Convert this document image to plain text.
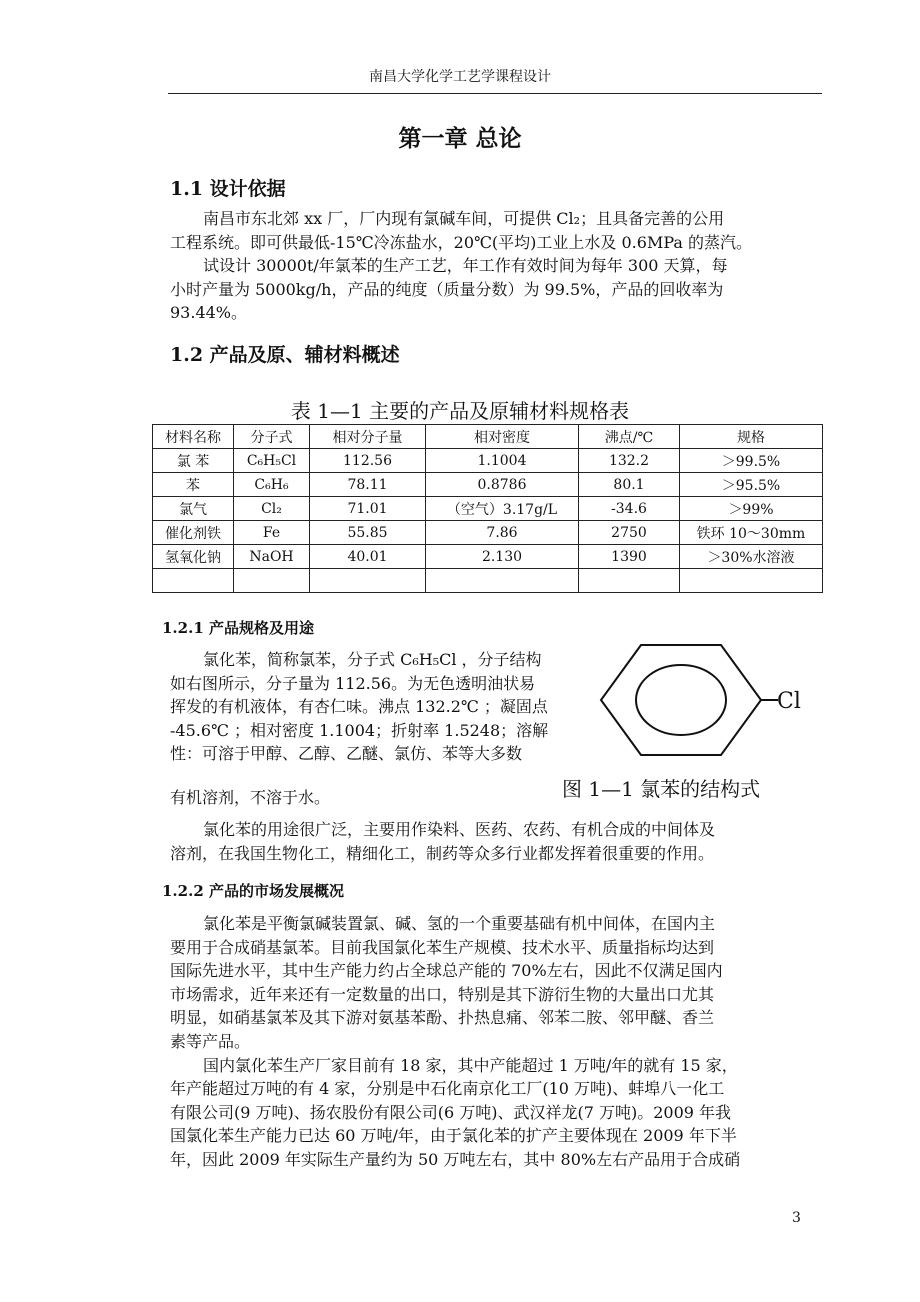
南昌大学化学工艺学课程设计
第一章 总论
1.1 设计依据
南昌市东北郊 xx 厂，厂内现有氯碱车间，可提供 Cl₂；且具备完善的公用
工程系统。即可供最低-15℃冷冻盐水，20℃(平均)工业上水及 0.6MPa 的蒸汽。
试设计 30000t/年氯苯的生产工艺，年工作有效时间为每年 300 天算，每
小时产量为 5000kg/h，产品的纯度（质量分数）为 99.5%，产品的回收率为
93.44%。
1.2 产品及原、辅材料概述
表 1—1 主要的产品及原辅材料规格表
材料名称	分子式	相对分子量	相对密度	沸点/℃	规格
氯 苯	C₆H₅Cl	112.56	1.1004	132.2	＞99.5%
苯	C₆H₆	78.11	0.8786	80.1	＞95.5%
氯气	Cl₂	71.01	（空气）3.17g/L	-34.6	＞99%
催化剂铁	Fe	55.85	7.86	2750	铁环 10～30mm
氢氧化钠	NaOH	40.01	2.130	1390	＞30%水溶液

1.2.1 产品规格及用途
氯化苯，简称氯苯，分子式 C₆H₅Cl ，分子结构
如右图所示，分子量为 112.56。为无色透明油状易
挥发的有机液体，有杏仁味。沸点 132.2℃ ；凝固点
-45.6℃ ；相对密度 1.1004；折射率 1.5248；溶解
性：可溶于甲醇、乙醇、乙醚、氯仿、苯等大多数
有机溶剂，不溶于水。
氯化苯的用途很广泛，主要用作染料、医药、农药、有机合成的中间体及
溶剂，在我国生物化工，精细化工，制药等众多行业都发挥着很重要的作用。
Cl
图 1—1 氯苯的结构式
1.2.2 产品的市场发展概况
氯化苯是平衡氯碱装置氯、碱、氢的一个重要基础有机中间体，在国内主
要用于合成硝基氯苯。目前我国氯化苯生产规模、技术水平、质量指标均达到
国际先进水平，其中生产能力约占全球总产能的 70%左右，因此不仅满足国内
市场需求，近年来还有一定数量的出口，特别是其下游衍生物的大量出口尤其
明显，如硝基氯苯及其下游对氨基苯酚、扑热息痛、邻苯二胺、邻甲醚、香兰
素等产品。
国内氯化苯生产厂家目前有 18 家，其中产能超过 1 万吨/年的就有 15 家，
年产能超过万吨的有 4 家，分别是中石化南京化工厂(10 万吨)、蚌埠八一化工
有限公司(9 万吨)、扬农股份有限公司(6 万吨)、武汉祥龙(7 万吨)。2009 年我
国氯化苯生产能力已达 60 万吨/年，由于氯化苯的扩产主要体现在 2009 年下半
年，因此 2009 年实际生产量约为 50 万吨左右，其中 80%左右产品用于合成硝
3
